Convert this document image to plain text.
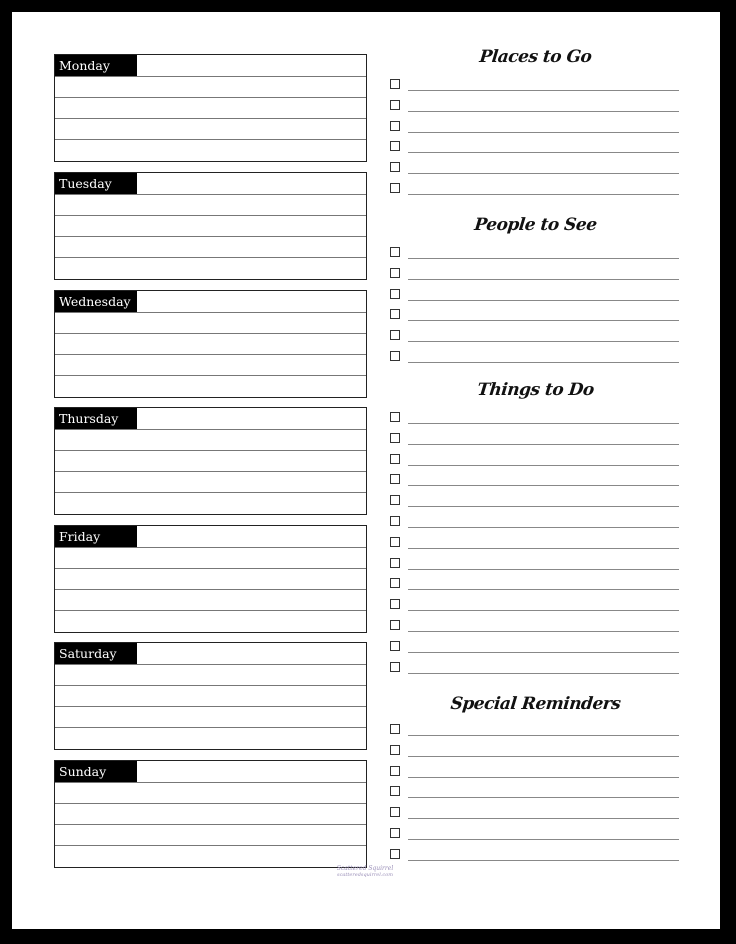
Monday
Tuesday
Wednesday
Thursday
Friday
Saturday
Sunday
Places to Go
People to See
Things to Do
Special Reminders
Scattered Squirrel
scatteredsquirrel.com
